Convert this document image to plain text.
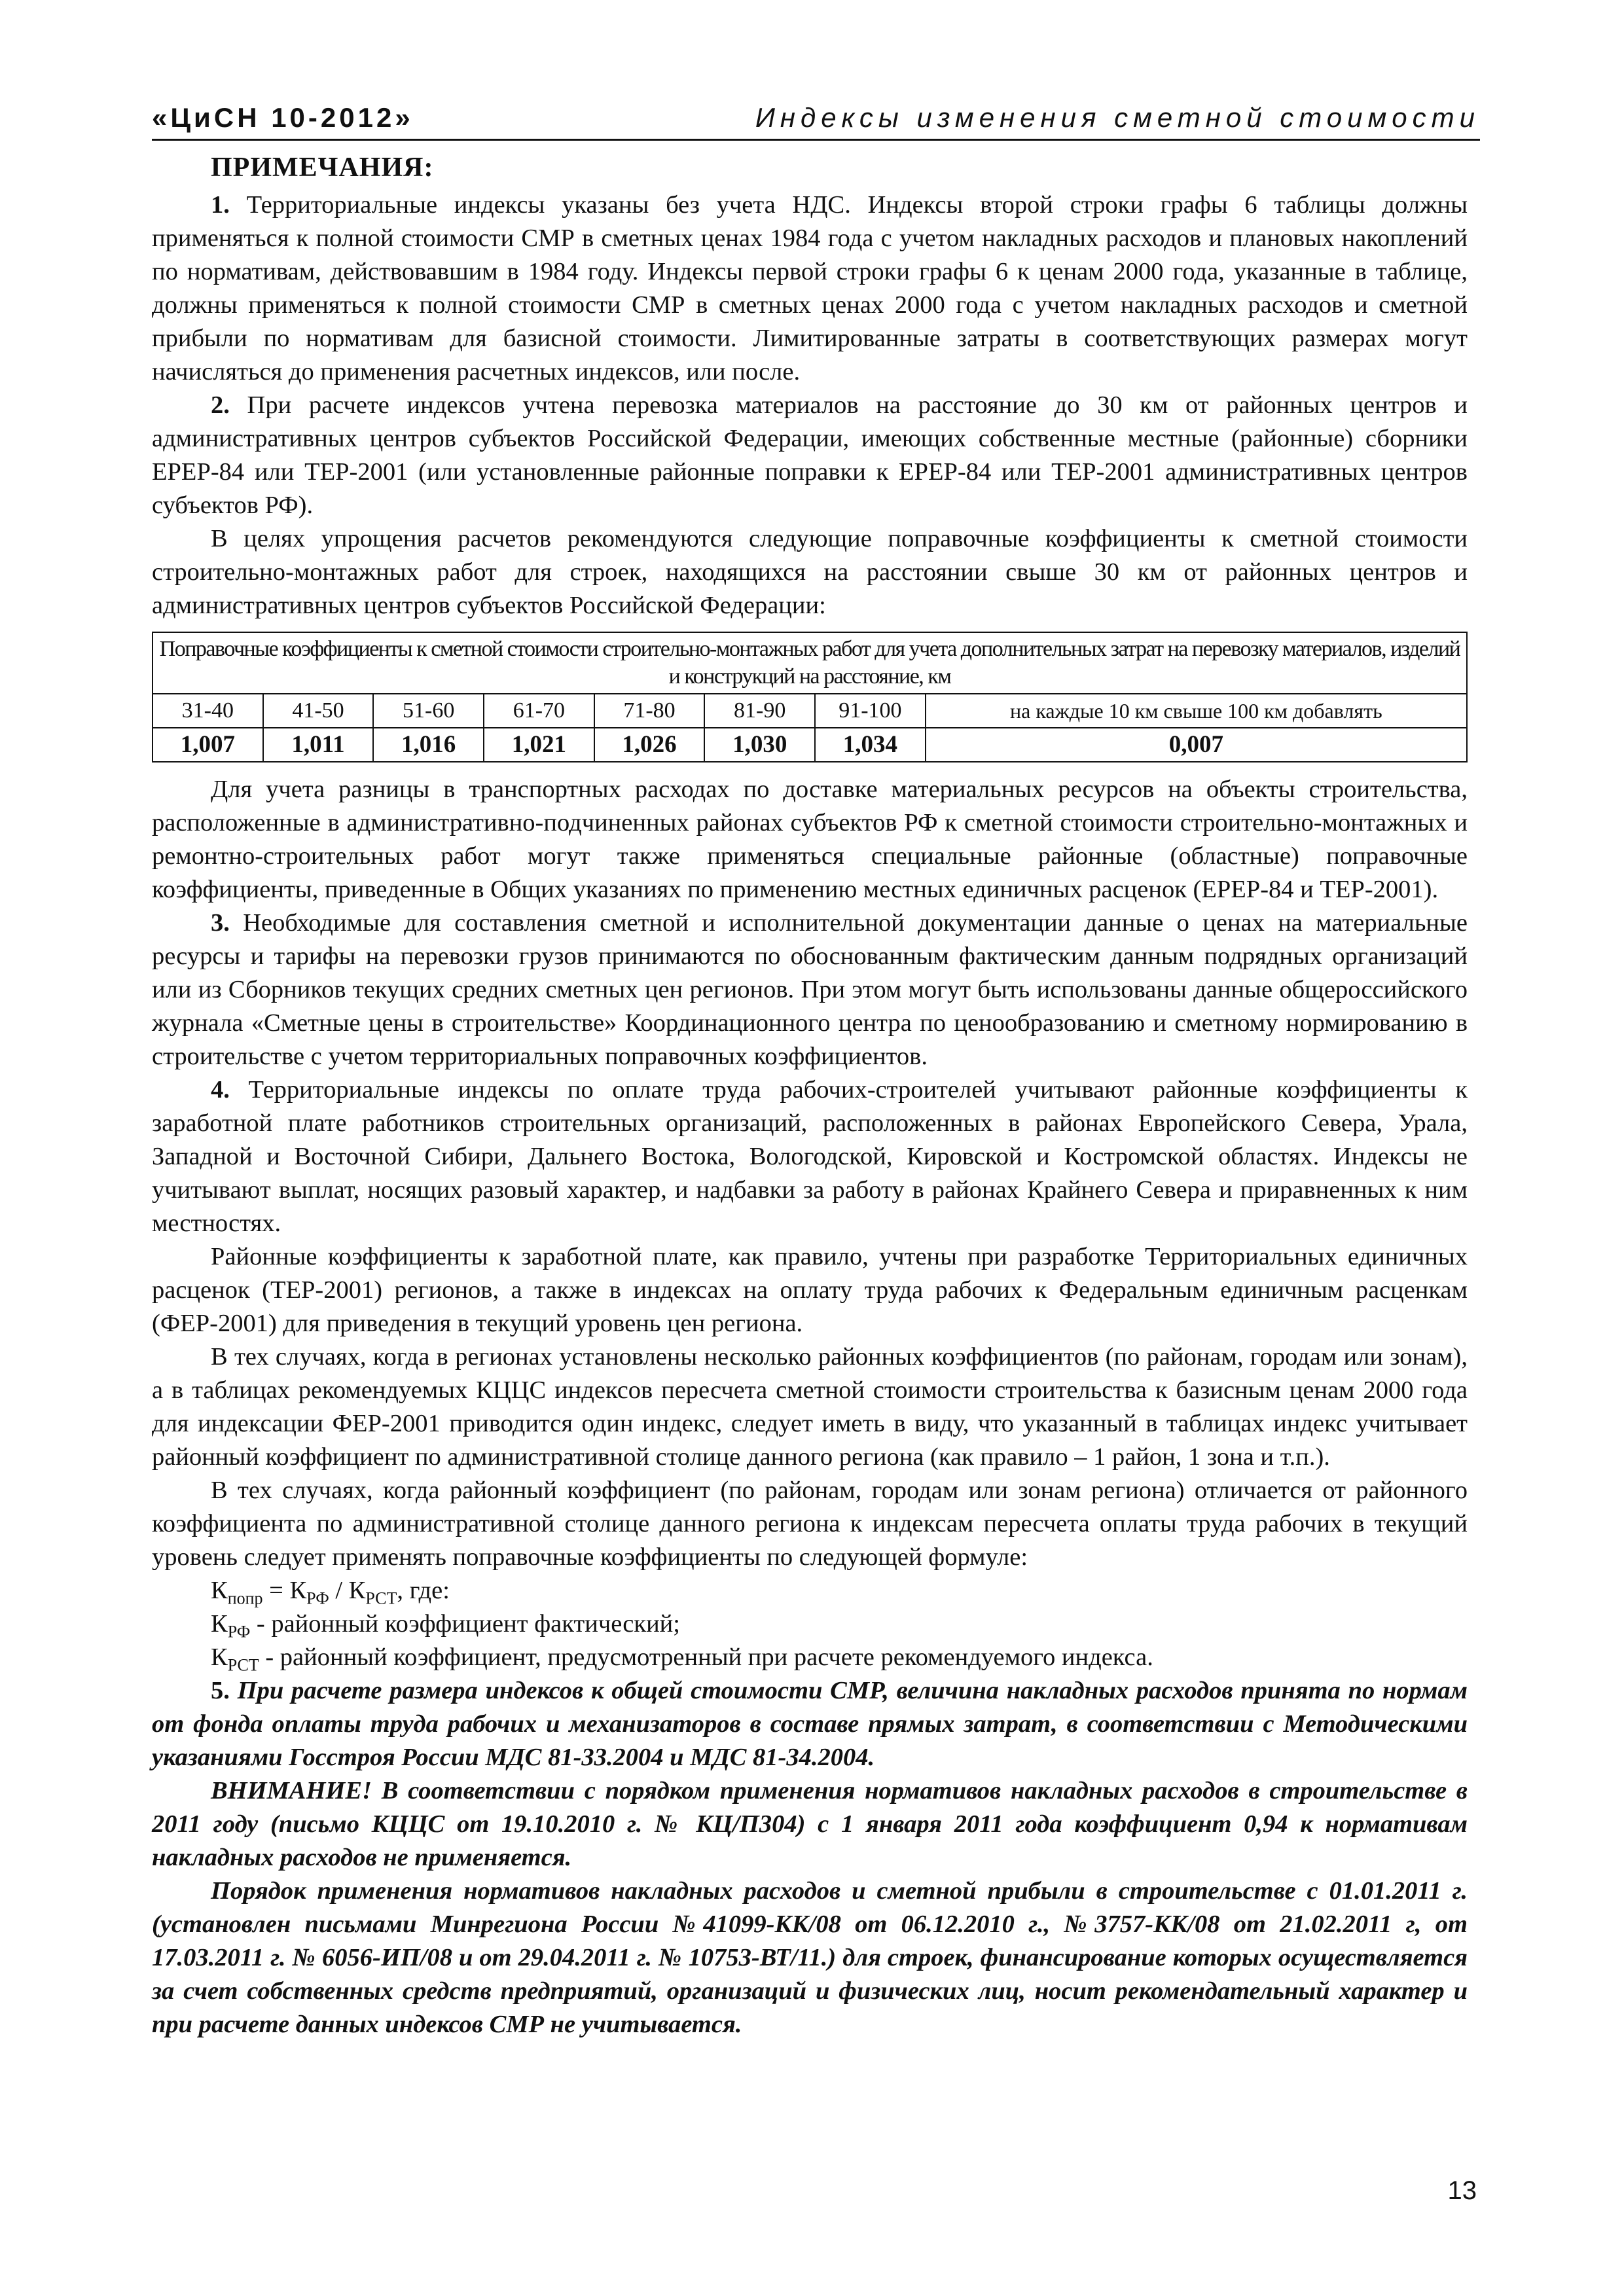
«ЦиСН 10-2012»	Индексы изменения сметной стоимости
ПРИМЕЧАНИЯ:

1. Территориальные индексы указаны без учета НДС. Индексы второй строки графы 6 таблицы должны применяться к полной стоимости СМР в сметных ценах 1984 года с учетом накладных расходов и плановых накоплений по нормативам, действовавшим в 1984 году. Индексы первой строки графы 6 к ценам 2000 года, указанные в таблице, должны применяться к полной стоимости СМР в сметных ценах 2000 года с учетом накладных расходов и сметной прибыли по нормативам для базисной стоимости. Лимитированные затраты в соответствующих размерах могут начисляться до применения расчетных индексов, или после.

2. При расчете индексов учтена перевозка материалов на расстояние до 30 км от районных центров и административных центров субъектов Российской Федерации, имеющих собственные местные (районные) сборники ЕРЕР-84 или ТЕР-2001 (или установленные районные поправки к ЕРЕР-84 или ТЕР-2001 административных центров субъектов РФ).

В целях упрощения расчетов рекомендуются следующие поправочные коэффициенты к сметной стоимости строительно-монтажных работ для строек, находящихся на расстоянии свыше 30 км от районных центров и административных центров субъектов Российской Федерации:

Поправочные коэффициенты к сметной стоимости строительно-монтажных работ для учета дополнительных затрат на перевозку материалов, изделий и конструкций на расстояние, км							
31-40	41-50	51-60	61-70	71-80	81-90	91-100	на каждые 10 км свыше 100 км добавлять
1,007	1,011	1,016	1,021	1,026	1,030	1,034	0,007

Для учета разницы в транспортных расходах по доставке материальных ресурсов на объекты строительства, расположенные в административно-подчиненных районах субъектов РФ к сметной стоимости строительно-монтажных и ремонтно-строительных работ могут также применяться специальные районные (областные) поправочные коэффициенты, приведенные в Общих указаниях по применению местных единичных расценок (ЕРЕР-84 и ТЕР-2001).

3. Необходимые для составления сметной и исполнительной документации данные о ценах на материальные ресурсы и тарифы на перевозки грузов принимаются по обоснованным фактическим данным подрядных организаций или из Сборников текущих средних сметных цен регионов. При этом могут быть использованы данные общероссийского журнала «Сметные цены в строительстве» Координационного центра по ценообразованию и сметному нормированию в строительстве с учетом территориальных поправочных коэффициентов.

4. Территориальные индексы по оплате труда рабочих-строителей учитывают районные коэффициенты к заработной плате работников строительных организаций, расположенных в районах Европейского Севера, Урала, Западной и Восточной Сибири, Дальнего Востока, Вологодской, Кировской и Костромской областях. Индексы не учитывают выплат, носящих разовый характер, и надбавки за работу в районах Крайнего Севера и приравненных к ним местностях.

Районные коэффициенты к заработной плате, как правило, учтены при разработке Территориальных единичных расценок (ТЕР-2001) регионов, а также в индексах на оплату труда рабочих к Федеральным единичным расценкам (ФЕР-2001) для приведения в текущий уровень цен региона.

В тех случаях, когда в регионах установлены несколько районных коэффициентов (по районам, городам или зонам), а в таблицах рекомендуемых КЦЦС индексов пересчета сметной стоимости строительства к базисным ценам 2000 года для индексации ФЕР-2001 приводится один индекс, следует иметь в виду, что указанный в таблицах индекс учитывает районный коэффициент по административной столице данного региона (как правило – 1 район, 1 зона и т.п.).

В тех случаях, когда районный коэффициент (по районам, городам или зонам региона) отличается от районного коэффициента по административной столице данного региона к индексам пересчета оплаты труда рабочих в текущий уровень следует применять поправочные коэффициенты по следующей формуле:

$К_{попр} = К_{РФ} / К_{РСТ}$, где:

$К_{РФ}$ - районный коэффициент фактический;

$К_{РСТ}$ - районный коэффициент, предусмотренный при расчете рекомендуемого индекса.

5. При расчете размера индексов к общей стоимости СМР, величина накладных расходов принята по нормам от фонда оплаты труда рабочих и механизаторов в составе прямых затрат, в соответствии с Методическими указаниями Госстроя России МДС 81-33.2004 и МДС 81-34.2004.

ВНИМАНИЕ! В соответствии с порядком применения нормативов накладных расходов в строительстве в 2011 году (письмо КЦЦС от 19.10.2010 г. № КЦ/П304) с 1 января 2011 года коэффициент 0,94 к нормативам накладных расходов не применяется.

Порядок применения нормативов накладных расходов и сметной прибыли в строительстве с 01.01.2011 г. (установлен письмами Минрегиона России №41099-КК/08 от 06.12.2010 г., №3757-КК/08 от 21.02.2011 г, от 17.03.2011 г. № 6056-ИП/08 и от 29.04.2011 г. № 10753-ВТ/11.) для строек, финансирование которых осуществляется за счет собственных средств предприятий, организаций и физических лиц, носит рекомендательный характер и при расчете данных индексов СМР не учитывается.

13
